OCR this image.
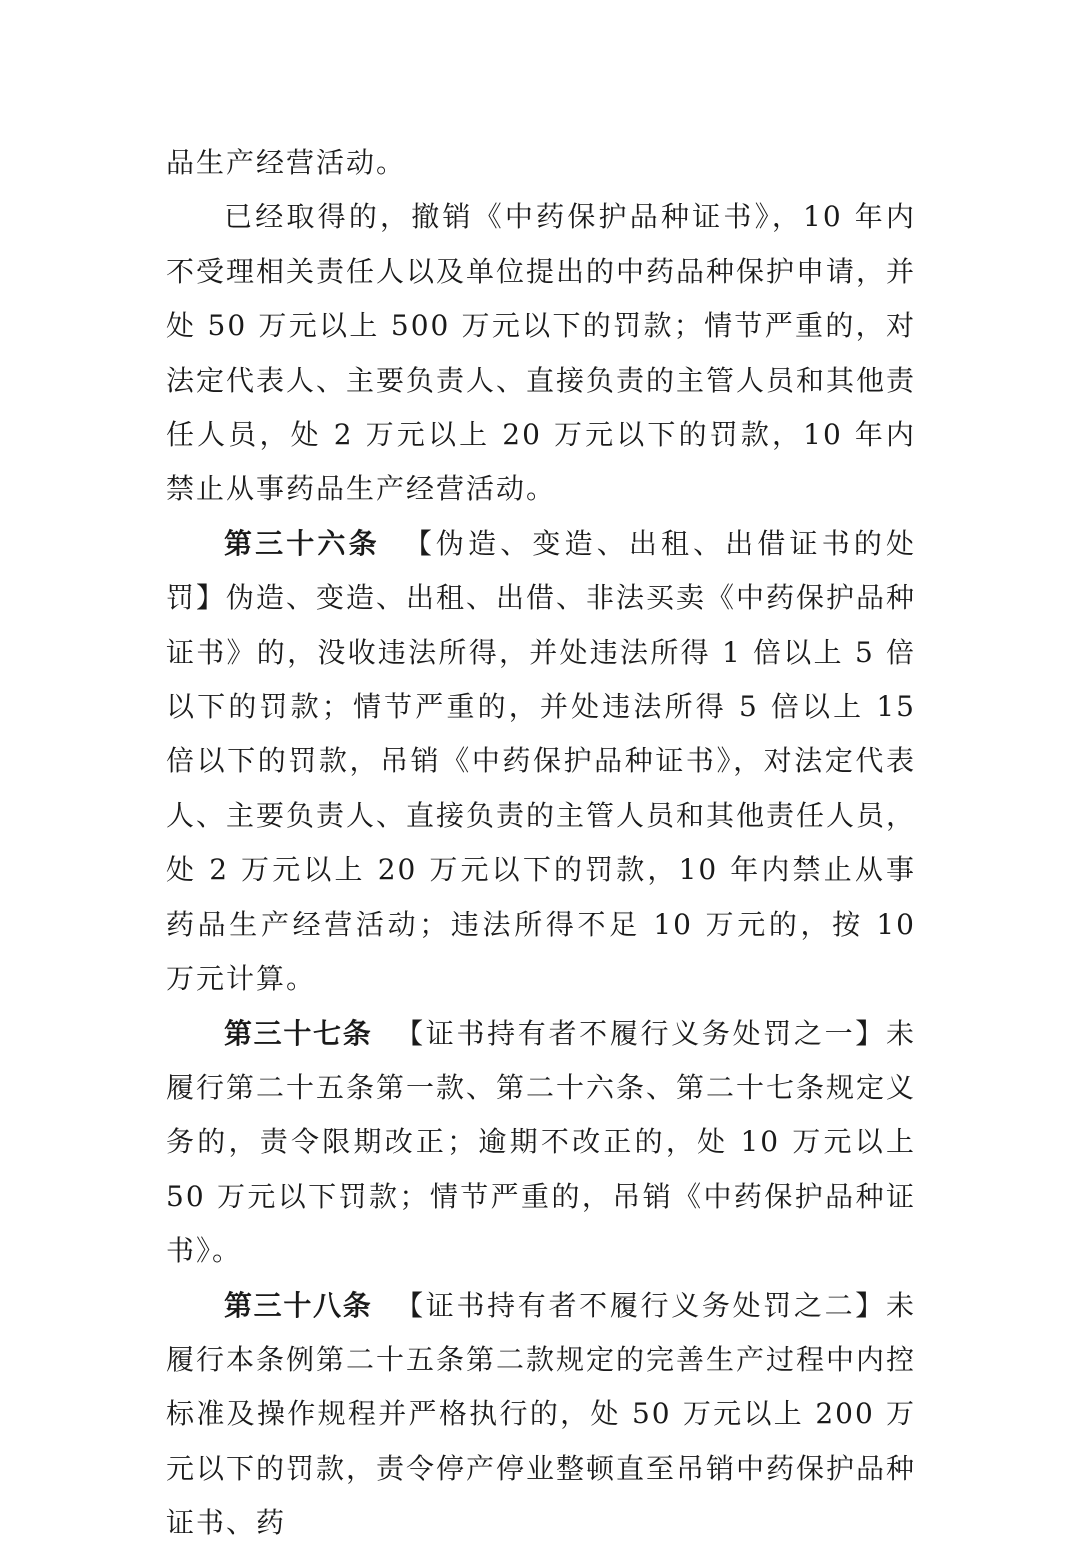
品生产经营活动。

已经取得的，撤销《中药保护品种证书》，10 年内不受理相关责任人以及单位提出的中药品种保护申请，并处 50 万元以上 500 万元以下的罚款；情节严重的，对法定代表人、主要负责人、直接负责的主管人员和其他责任人员，处 2 万元以上 20 万元以下的罚款，10 年内禁止从事药品生产经营活动。

第三十六条 【伪造、变造、出租、出借证书的处罚】伪造、变造、出租、出借、非法买卖《中药保护品种证书》的，没收违法所得，并处违法所得 1 倍以上 5 倍以下的罚款；情节严重的，并处违法所得 5 倍以上 15 倍以下的罚款，吊销《中药保护品种证书》，对法定代表人、主要负责人、直接负责的主管人员和其他责任人员，处 2 万元以上 20 万元以下的罚款，10 年内禁止从事药品生产经营活动；违法所得不足 10 万元的，按 10 万元计算。

第三十七条 【证书持有者不履行义务处罚之一】未履行第二十五条第一款、第二十六条、第二十七条规定义务的，责令限期改正；逾期不改正的，处 10 万元以上 50 万元以下罚款；情节严重的，吊销《中药保护品种证书》。

第三十八条 【证书持有者不履行义务处罚之二】未履行本条例第二十五条第二款规定的完善生产过程中内控标准及操作规程并严格执行的，处 50 万元以上 200 万元以下的罚款，责令停产停业整顿直至吊销中药保护品种证书、药
